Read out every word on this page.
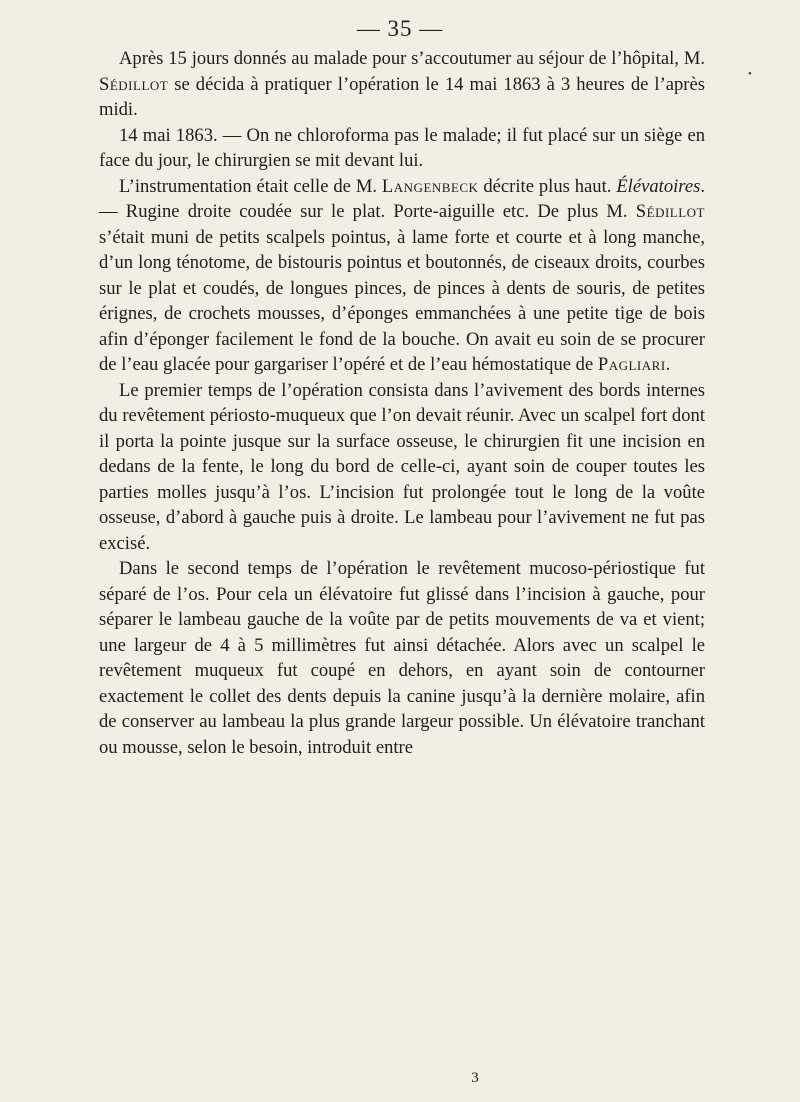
— 35 —
•

Après 15 jours donnés au malade pour s’accoutumer au séjour de l’hôpital, M. Sédillot se décida à pratiquer l’opération le 14 mai 1863 à 3 heures de l’après midi.

14 mai 1863. — On ne chloroforma pas le malade; il fut placé sur un siège en face du jour, le chirurgien se mit devant lui.

L’instrumentation était celle de M. Langenbeck décrite plus haut. Élévatoires. — Rugine droite coudée sur le plat. Porte-aiguille etc. De plus M. Sédillot s’était muni de petits scalpels pointus, à lame forte et courte et à long manche, d’un long ténotome, de bistouris pointus et boutonnés, de ciseaux droits, courbes sur le plat et coudés, de longues pinces, de pinces à dents de souris, de petites érignes, de crochets mousses, d’éponges emmanchées à une petite tige de bois afin d’éponger facilement le fond de la bouche. On avait eu soin de se procurer de l’eau glacée pour gargariser l’opéré et de l’eau hémostatique de Pagliari.

Le premier temps de l’opération consista dans l’avivement des bords internes du revêtement périosto-muqueux que l’on devait réunir. Avec un scalpel fort dont il porta la pointe jusque sur la surface osseuse, le chirurgien fit une incision en dedans de la fente, le long du bord de celle-ci, ayant soin de couper toutes les parties molles jusqu’à l’os. L’incision fut prolongée tout le long de la voûte osseuse, d’abord à gauche puis à droite. Le lambeau pour l’avivement ne fut pas excisé.

Dans le second temps de l’opération le revêtement mucoso-périostique fut séparé de l’os. Pour cela un élévatoire fut glissé dans l’incision à gauche, pour séparer le lambeau gauche de la voûte par de petits mouvements de va et vient; une largeur de 4 à 5 millimètres fut ainsi détachée. Alors avec un scalpel le revêtement muqueux fut coupé en dehors, en ayant soin de contourner exactement le collet des dents depuis la canine jusqu’à la dernière molaire, afin de conserver au lambeau la plus grande largeur possible. Un élévatoire tranchant ou mousse, selon le besoin, introduit entre

3
